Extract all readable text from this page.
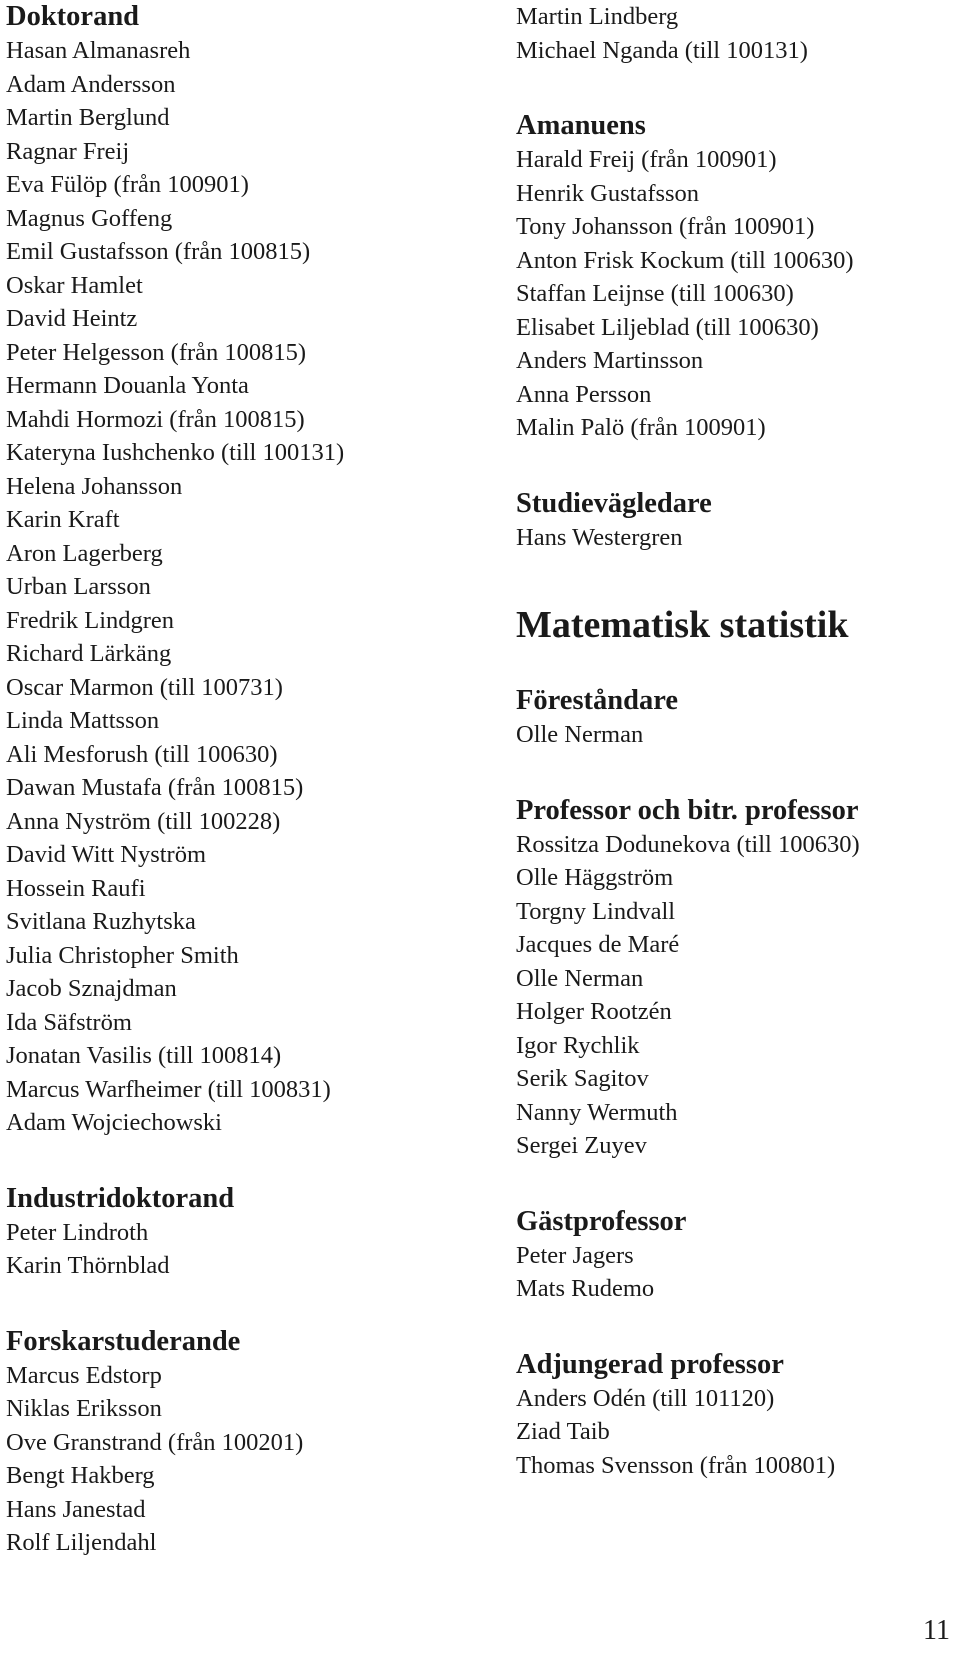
Doktorand
Hasan Almanasreh
Adam Andersson
Martin Berglund
Ragnar Freij
Eva Fülöp (från 100901)
Magnus Goffeng
Emil Gustafsson (från 100815)
Oskar Hamlet
David Heintz
Peter Helgesson (från 100815)
Hermann Douanla Yonta
Mahdi Hormozi (från 100815)
Kateryna Iushchenko (till 100131)
Helena Johansson
Karin Kraft
Aron Lagerberg
Urban Larsson
Fredrik Lindgren
Richard Lärkäng
Oscar Marmon (till 100731)
Linda Mattsson
Ali Mesforush (till 100630)
Dawan Mustafa (från 100815)
Anna Nyström (till 100228)
David Witt Nyström
Hossein Raufi
Svitlana Ruzhytska
Julia Christopher Smith
Jacob Sznajdman
Ida Säfström
Jonatan Vasilis (till 100814)
Marcus Warfheimer (till 100831)
Adam Wojciechowski
Industridoktorand
Peter Lindroth
Karin Thörnblad
Forskarstuderande
Marcus Edstorp
Niklas Eriksson
Ove Granstrand (från 100201)
Bengt Hakberg
Hans Janestad
Rolf Liljendahl
Martin Lindberg
Michael Nganda (till 100131)
Amanuens
Harald Freij (från 100901)
Henrik Gustafsson
Tony Johansson (från 100901)
Anton Frisk Kockum (till 100630)
Staffan Leijnse (till 100630)
Elisabet Liljeblad (till 100630)
Anders Martinsson
Anna Persson
Malin Palö (från 100901)
Studievägledare
Hans Westergren
Matematisk statistik
Föreståndare
Olle Nerman
Professor och bitr. professor
Rossitza Dodunekova (till 100630)
Olle Häggström
Torgny Lindvall
Jacques de Maré
Olle Nerman
Holger Rootzén
Igor Rychlik
Serik Sagitov
Nanny Wermuth
Sergei Zuyev
Gästprofessor
Peter Jagers
Mats Rudemo
Adjungerad professor
Anders Odén (till 101120)
Ziad Taib
Thomas Svensson (från 100801)
11
